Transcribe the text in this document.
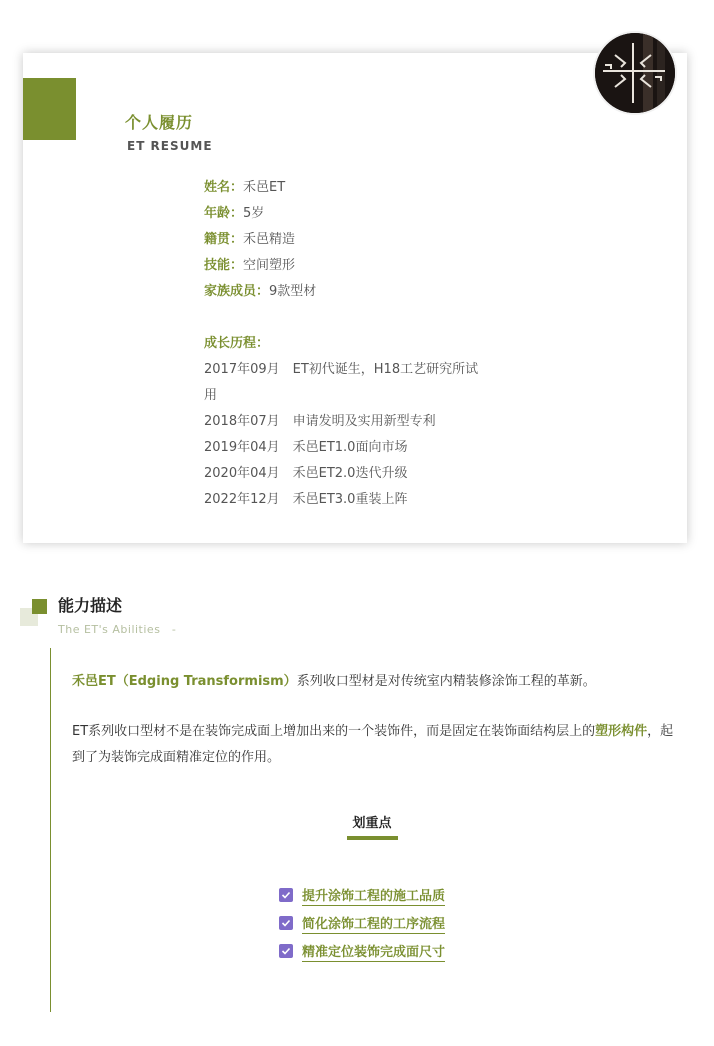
个人履历
ET RESUME
姓名：禾邑ET
年龄：5岁
籍贯：禾邑精造
技能：空间塑形
家族成员：9款型材
成长历程：
2017年09月　ET初代诞生，H18工艺研究所试
用
2018年07月　申请发明及实用新型专利
2019年04月　禾邑ET1.0面向市场
2020年04月　禾邑ET2.0迭代升级
2022年12月　禾邑ET3.0重装上阵
能力描述
The ET's Abilities　-
禾邑ET（Edging Transformism）系列收口型材是对传统室内精装修涂饰工程的革新。
ET系列收口型材不是在装饰完成面上增加出来的一个装饰件，而是固定在装饰面结构层上的塑形构件，起到了为装饰完成面精准定位的作用。
划重点
提升涂饰工程的施工品质
简化涂饰工程的工序流程
精准定位装饰完成面尺寸
